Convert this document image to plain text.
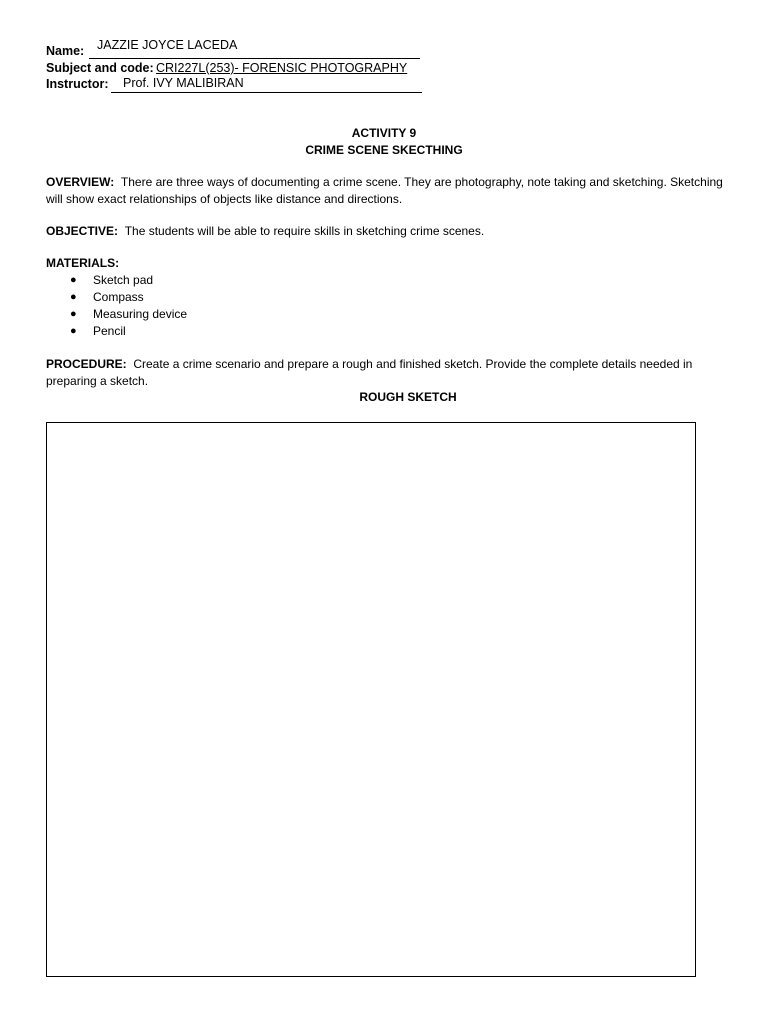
Name: JAZZIE JOYCE LACEDA
Subject and code: CRI227L(253)- FORENSIC PHOTOGRAPHY
Instructor: Prof. IVY MALIBIRAN
ACTIVITY 9
CRIME SCENE SKECTHING
OVERVIEW: There are three ways of documenting a crime scene. They are photography, note taking and sketching. Sketching will show exact relationships of objects like distance and directions.
OBJECTIVE: The students will be able to require skills in sketching crime scenes.
MATERIALS:
● Sketch pad
● Compass
● Measuring device
● Pencil
PROCEDURE: Create a crime scenario and prepare a rough and finished sketch. Provide the complete details needed in preparing a sketch.
ROUGH SKETCH
